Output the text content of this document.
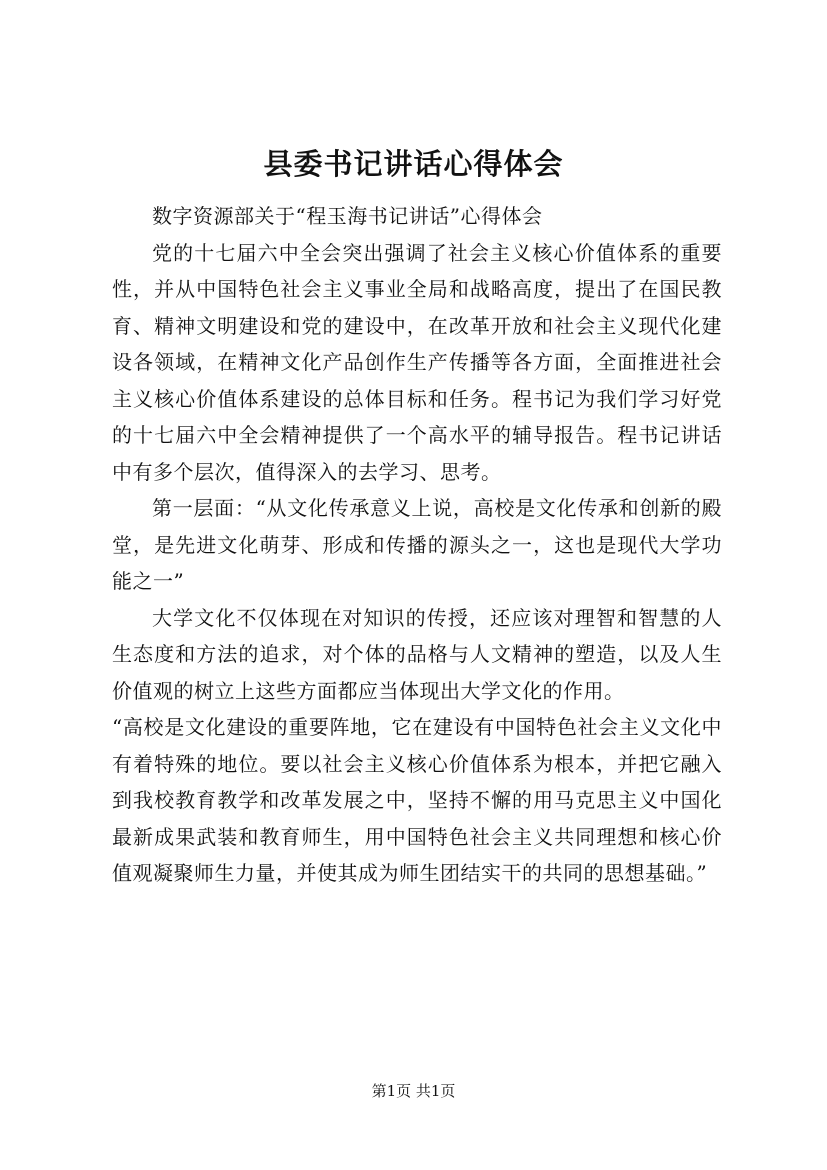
县委书记讲话心得体会

数字资源部关于“程玉海书记讲话”心得体会

党的十七届六中全会突出强调了社会主义核心价值体系的重要性，并从中国特色社会主义事业全局和战略高度，提出了在国民教育、精神文明建设和党的建设中，在改革开放和社会主义现代化建设各领域，在精神文化产品创作生产传播等各方面，全面推进社会主义核心价值体系建设的总体目标和任务。程书记为我们学习好党的十七届六中全会精神提供了一个高水平的辅导报告。程书记讲话中有多个层次，值得深入的去学习、思考。

第一层面：“从文化传承意义上说，高校是文化传承和创新的殿堂，是先进文化萌芽、形成和传播的源头之一，这也是现代大学功能之一”

大学文化不仅体现在对知识的传授，还应该对理智和智慧的人生态度和方法的追求，对个体的品格与人文精神的塑造，以及人生价值观的树立上这些方面都应当体现出大学文化的作用。

“高校是文化建设的重要阵地，它在建设有中国特色社会主义文化中有着特殊的地位。要以社会主义核心价值体系为根本，并把它融入到我校教育教学和改革发展之中，坚持不懈的用马克思主义中国化最新成果武装和教育师生，用中国特色社会主义共同理想和核心价值观凝聚师生力量，并使其成为师生团结实干的共同的思想基础。”

第1页 共1页
